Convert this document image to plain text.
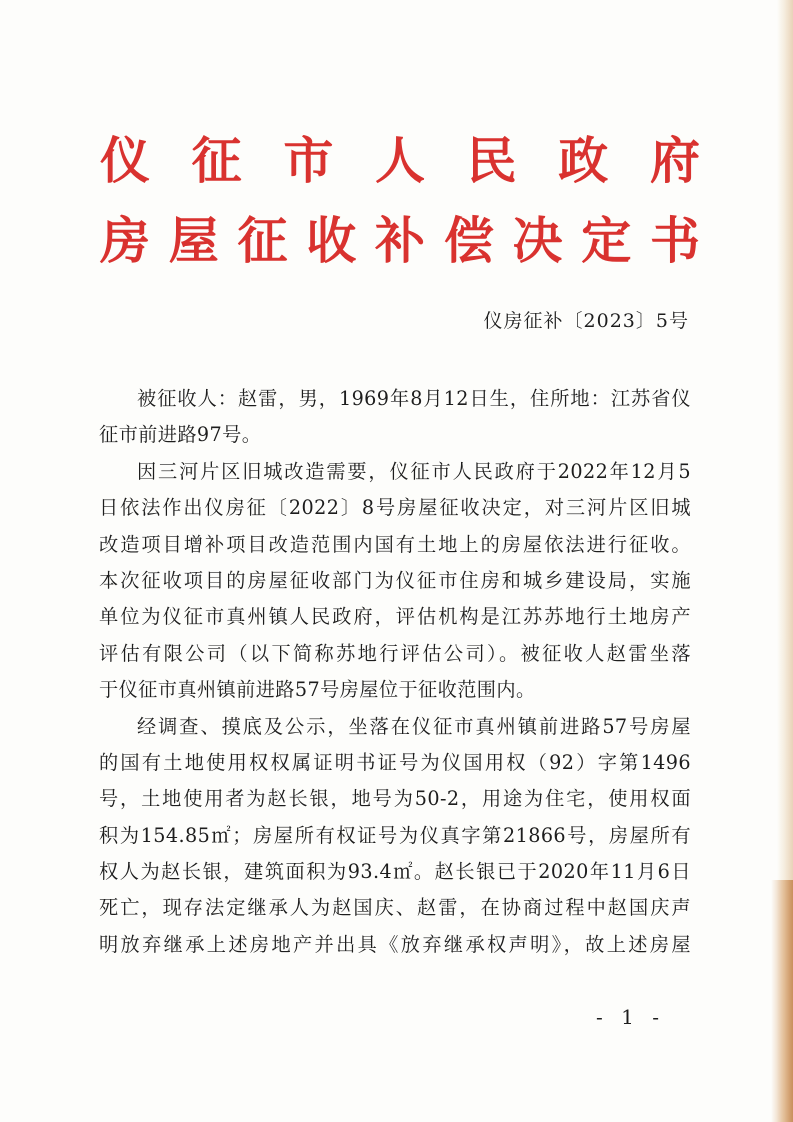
仪 征 市 人 民 政 府
房 屋 征 收 补 偿 决 定 书
仪房征补〔2023〕5号
被征收人：赵雷，男，1969年8月12日生，住所地：江苏省仪
征市前进路97号。
因三河片区旧城改造需要，仪征市人民政府于2022年12月5
日依法作出仪房征〔2022〕8号房屋征收决定，对三河片区旧城
改造项目增补项目改造范围内国有土地上的房屋依法进行征收。
本次征收项目的房屋征收部门为仪征市住房和城乡建设局，实施
单位为仪征市真州镇人民政府，评估机构是江苏苏地行土地房产
评估有限公司（以下简称苏地行评估公司）。被征收人赵雷坐落
于仪征市真州镇前进路57号房屋位于征收范围内。
经调查、摸底及公示，坐落在仪征市真州镇前进路57号房屋
的国有土地使用权权属证明书证号为仪国用权（92）字第1496
号，土地使用者为赵长银，地号为50-2，用途为住宅，使用权面
积为154.85㎡；房屋所有权证号为仪真字第21866号，房屋所有
权人为赵长银，建筑面积为93.4㎡。赵长银已于2020年11月6日
死亡，现存法定继承人为赵国庆、赵雷，在协商过程中赵国庆声
明放弃继承上述房地产并出具《放弃继承权声明》，故上述房屋
- 1 -
